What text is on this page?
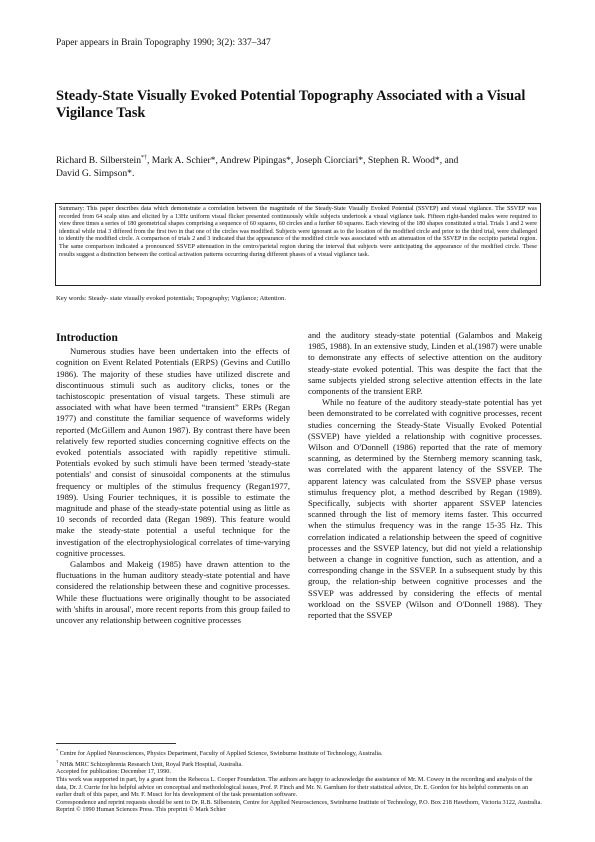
Paper appears in Brain Topography 1990; 3(2): 337–347
Steady-State Visually Evoked Potential Topography Associated with a Visual Vigilance Task
Richard B. Silberstein*†, Mark A. Schier*, Andrew Pipingas*, Joseph Ciorciari*, Stephen R. Wood*, and
David G. Simpson*.
Summary: This paper describes data which demonstrate a correlation between the magnitude of the Steady-State Visually Evoked Potential (SSVEP) and visual vigilance. The SSVEP was recorded from 64 scalp sites and elicited by a 13Hz uniform visual flicker presented continuously while subjects undertook a visual vigilance task. Fifteen right-handed males were required to view three times a series of 180 geometrical shapes comprising a sequence of 60 squares, 60 circles and a further 60 squares. Each viewing of the 180 shapes constituted a trial. Trials 1 and 2 were identical while trial 3 differed from the first two in that one of the circles was modified. Subjects were ignorant as to the location of the modified circle and prior to the third trial, were challenged to identify the modified circle. A comparison of trials 2 and 3 indicated that the appearance of the modified circle was associated with an attenuation of the SSVEP in the occipito parietal region. The same comparison indicated a pronounced SSVEP attenuation in the centro/parietal region during the interval that subjects were anticipating the appearance of the modified circle. These results suggest a distinction between the cortical activation patterns occurring during different phases of a visual vigilance task.
Key words: Steady- state visually evoked potentials; Topography; Vigilance; Attention.
Introduction

Numerous studies have been undertaken into the effects of cognition on Event Related Potentials (ERPS) (Gevins and Cutillo 1986). The majority of these studies have utilized discrete and discontinuous stimuli such as auditory clicks, tones or the tachistoscopic presentation of visual targets. These stimuli are associated with what have been termed “transient” ERPs (Regan 1977) and constitute the familiar sequence of waveforms widely reported (McGillem and Aunon 1987). By contrast there have been relatively few reported studies concerning cognitive effects on the evoked potentials associated with rapidly repetitive stimuli. Potentials evoked by such stimuli have been termed 'steady-state potentials' and consist of sinusoidal components at the stimulus frequency or multiples of the stimulus frequency (Regan1977, 1989). Using Fourier techniques, it is possible to estimate the magnitude and phase of the steady-state potential using as little as 10 seconds of recorded data (Regan 1989). This feature would make the steady-state potential a useful technique for the investigation of the electrophysiological correlates of time-varying cognitive processes.

Galambos and Makeig (1985) have drawn attention to the fluctuations in the human auditory steady-state potential and have considered the relationship between these and cognitive processes. While these fluctuations were originally thought to be associated with 'shifts in arousal', more recent reports from this group failed to uncover any relationship between cognitive processes

and the auditory steady-state potential (Galambos and Makeig 1985, 1988). In an extensive study, Linden et al.(1987) were unable to demonstrate any effects of selective attention on the auditory steady-state evoked potential. This was despite the fact that the same subjects yielded strong selective attention effects in the late components of the transient ERP.

While no feature of the auditory steady-state potential has yet been demonstrated to be correlated with cognitive processes, recent studies concerning the Steady-State Visually Evoked Potential (SSVEP) have yielded a relationship with cognitive processes. Wilson and O'Donnell (1986) reported that the rate of memory scanning, as determined by the Sternberg memory scanning task, was correlated with the apparent latency of the SSVEP. The apparent latency was calculated from the SSVEP phase versus stimulus frequency plot, a method described by Regan (1989). Specifically, subjects with shorter apparent SSVEP latencies scanned through the list of memory items faster. This occurred when the stimulus frequency was in the range 15-35 Hz. This correlation indicated a relationship between the speed of cognitive processes and the SSVEP latency, but did not yield a relationship between a change in cognitive function, such as attention, and a corresponding change in the SSVEP. In a subsequent study by this group, the relation-ship between cognitive processes and the SSVEP was addressed by considering the effects of mental workload on the SSVEP (Wilson and O'Donnell 1988). They reported that the SSVEP

* Centre for Applied Neurosciences, Physics Department, Faculty of Applied Science, Swinburne Institute of Technology, Australia.
† NH& MRC Schizophrenia Research Unit, Royal Park Hospital, Australia.
Accepted for publication: December 17, 1990.
This work was supported in part, by a grant from the Rebecca L. Cooper Foundation. The authors are happy to acknowledge the assistance of Mr. M. Cowey in the recording and analysis of the data, Dr. J. Currie for his helpful advice on conceptual and methodological issues, Prof. P. Finch and Mr. N. Garnham for their statistical advice, Dr. E. Gordon for his helpful comments on an earlier draft of this paper, and Mr. F. Musci for his development of the task presentation software.
Correspondence and reprint requests should be sent to Dr. R.B. Silberstein, Centre for Applied Neurosciences, Swinburne Institute of Technology, P.O. Box 218 Hawthorn, Victoria 3122, Australia.
Reprint © 1990 Human Sciences Press. This preprint © Mark Schier
